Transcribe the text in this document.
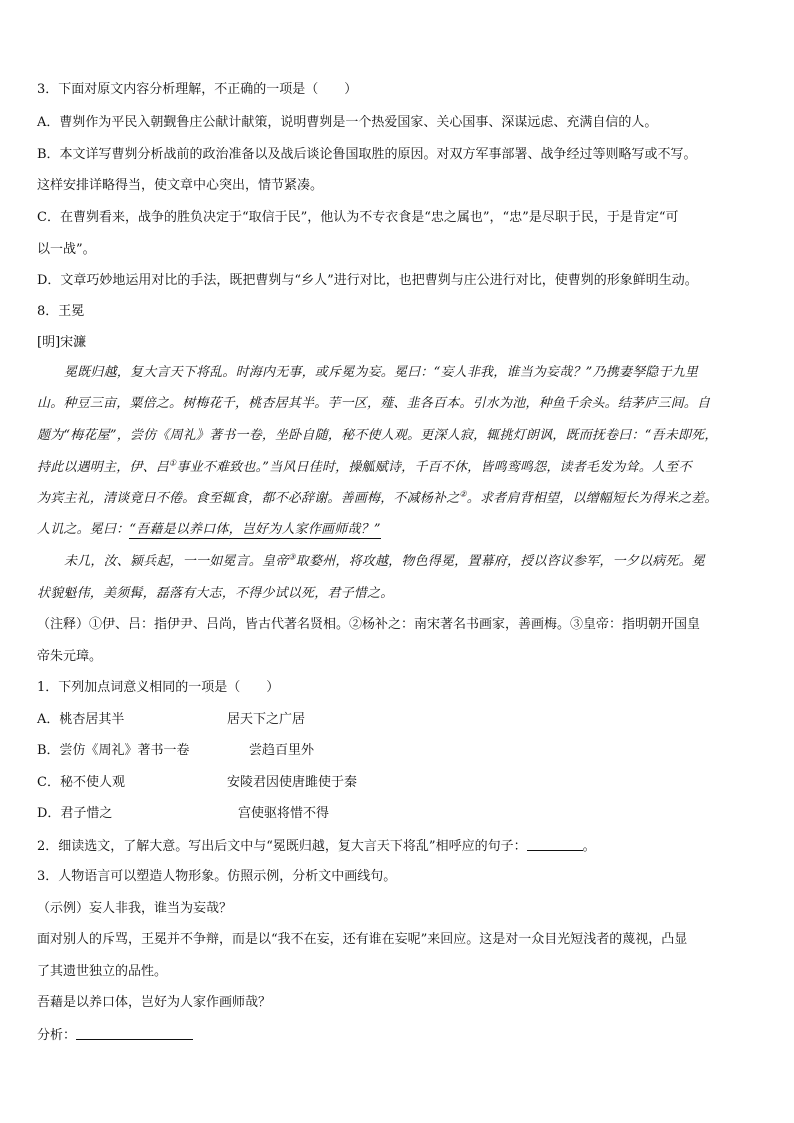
3．下面对原文内容分析理解，不正确的一项是（　　）
A．曹刿作为平民入朝觐鲁庄公献计献策，说明曹刿是一个热爱国家、关心国事、深谋远虑、充满自信的人。
B．本文详写曹刿分析战前的政治准备以及战后谈论鲁国取胜的原因。对双方军事部署、战争经过等则略写或不写。
这样安排详略得当，使文章中心突出，情节紧凑。
C．在曹刿看来，战争的胜负决定于“取信于民”，他认为不专衣食是“忠之属也”，“忠”是尽职于民，于是肯定“可
以一战”。
D．文章巧妙地运用对比的手法，既把曹刿与“乡人”进行对比，也把曹刿与庄公进行对比，使曹刿的形象鲜明生动。
8．王冕
[明]宋濂
冕既归越，复大言天下将乱。时海内无事，或斥冕为妄。冕曰：“妄人非我，谁当为妄哉？”乃携妻孥隐于九里
山。种豆三亩，粟倍之。树梅花千，桃杏居其半。芋一区，薤、韭各百本。引水为池，种鱼千余头。结茅庐三间。自
题为“梅花屋”，尝仿《周礼》著书一卷，坐卧自随，秘不使人观。更深人寂，辄挑灯朗讽，既而抚卷曰：“吾未即死，
持此以遇明主，伊、吕①事业不难致也。”当风日佳时，操觚赋诗，千百不休，皆鸣鸾鸣怨，读者毛发为耸。人至不
为宾主礼，清谈竟日不倦。食至辄食，都不必辞谢。善画梅，不减杨补之②。求者肩背相望，以缯幅短长为得米之差。
人讥之。冕曰：“吾藉是以养口体，岂好为人家作画师哉？”
未几，汝、颍兵起，一一如冕言。皇帝③取婺州，将攻越，物色得冕，置幕府，授以咨议参军，一夕以病死。冕
状貌魁伟，美须髯，磊落有大志，不得少试以死，君子惜之。
（注释）①伊、吕：指伊尹、吕尚，皆古代著名贤相。②杨补之：南宋著名书画家，善画梅。③皇帝：指明朝开国皇
帝朱元璋。
1．下列加点词意义相同的一项是（　　）
A．桃杏居其半	居天下之广居
B．尝仿《周礼》著书一卷	尝趋百里外
C．秘不使人观	安陵君因使唐雎使于秦
D．君子惜之	宫使驱将惜不得
2．细读选文，了解大意。写出后文中与“冕既归越，复大言天下将乱”相呼应的句子：	。
3．人物语言可以塑造人物形象。仿照示例，分析文中画线句。
（示例）妄人非我，谁当为妄哉？
面对别人的斥骂，王冕并不争辩，而是以“我不在妄，还有谁在妄呢”来回应。这是对一众目光短浅者的蔑视，凸显
了其遗世独立的品性。
吾藉是以养口体，岂好为人家作画师哉？
分析：
